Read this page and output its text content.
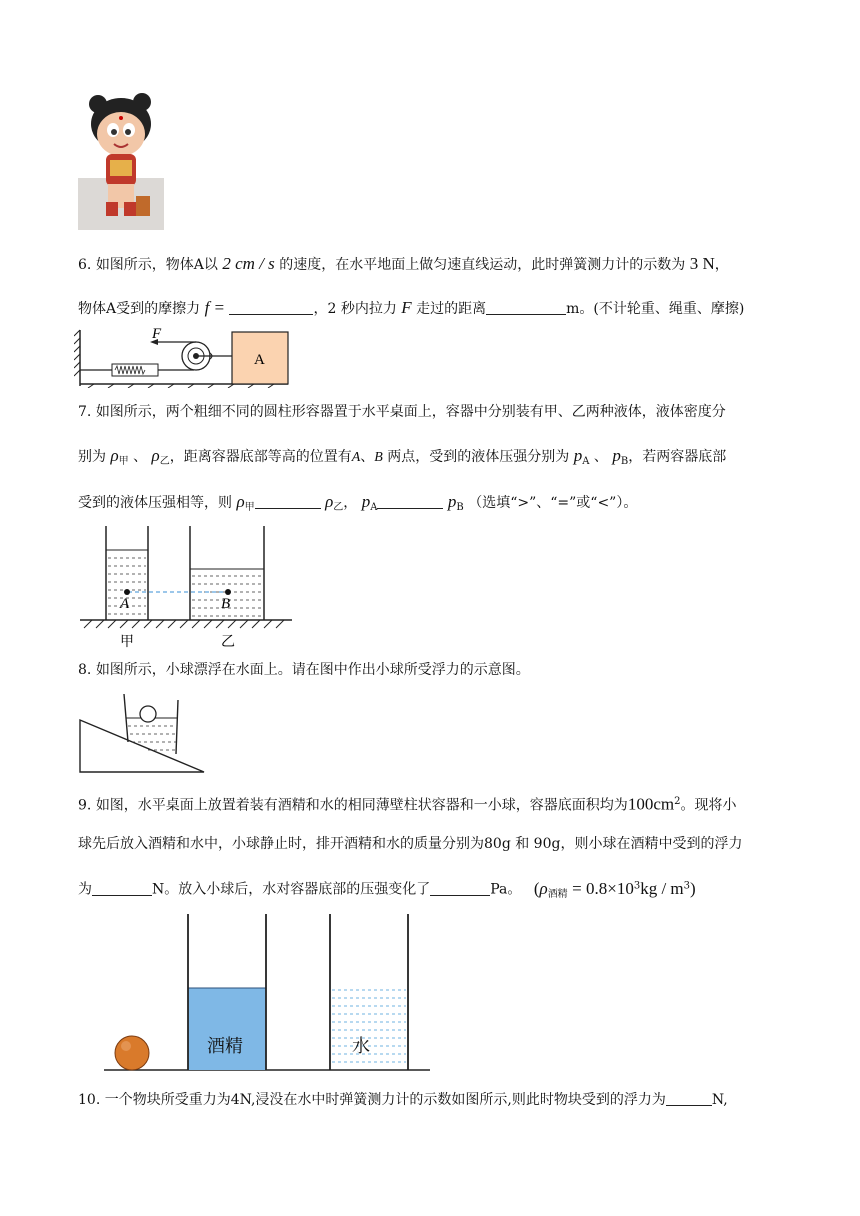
6. 如图所示，物体A以 2 cm / s 的速度，在水平地面上做匀速直线运动，此时弹簧测力计的示数为 3 N，
物体A受到的摩擦力 f =	，2 秒内拉力 F 走过的距离	m。(不计轮重、绳重、摩擦)
F
A
7. 如图所示，两个粗细不同的圆柱形容器置于水平桌面上，容器中分别装有甲、乙两种液体，液体密度分
别为 $\rho_甲$ 、 $\rho_乙$，距离容器底部等高的位置有A、B 两点，受到的液体压强分别为 $p_A$ 、 $p_B$，若两容器底部
受到的液体压强相等，则 $\rho_甲$	$\rho_乙$， $p_A$	$p_B$ （选填“>”、“=”或“<”）。
A	B
甲	乙
8. 如图所示，小球漂浮在水面上。请在图中作出小球所受浮力的示意图。
9. 如图，水平桌面上放置着装有酒精和水的相同薄壁柱状容器和一小球，容器底面积均为$100cm^2$。现将小
球先后放入酒精和水中，小球静止时，排开酒精和水的质量分别为80g 和 90g，则小球在酒精中受到的浮力
为	N。放入小球后，水对容器底部的压强变化了	Pa。 $(\rho_{酒精} = 0.8\times 10^3kg / m^3)$
酒精	水
10. 一个物块所受重力为4N,浸没在水中时弹簧测力计的示数如图所示,则此时物块受到的浮力为	N,
